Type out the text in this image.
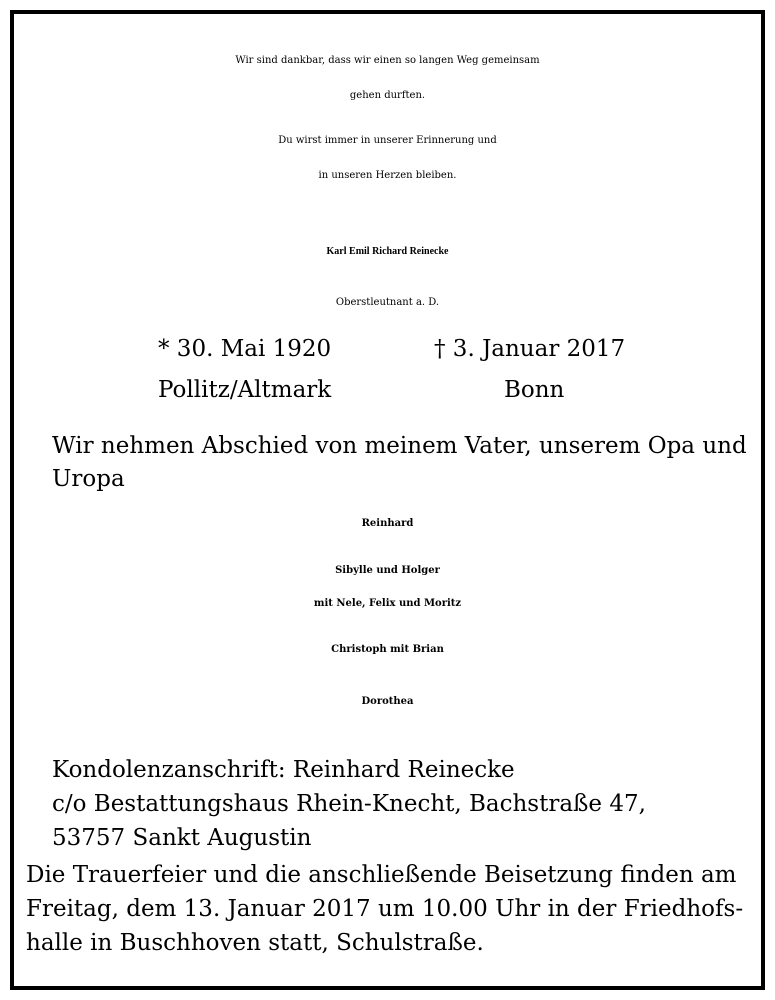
Wir sind dankbar, dass wir einen so langen Weg gemeinsam
gehen durften.
Du wirst immer in unserer Erinnerung und
in unseren Herzen bleiben.
Karl Emil Richard Reinecke
Oberstleutnant a. D.
* 30. Mai 1920	† 3. Januar 2017
Pollitz/Altmark	Bonn
Wir nehmen Abschied von meinem Vater, unserem Opa und
Uropa
Reinhard
Sibylle und Holger
mit Nele, Felix und Moritz
Christoph mit Brian
Dorothea
Kondolenzanschrift: Reinhard Reinecke
c/o Bestattungshaus Rhein-Knecht, Bachstraße 47,
53757 Sankt Augustin
Die Trauerfeier und die anschließende Beisetzung finden am
Freitag, dem 13. Januar 2017 um 10.00 Uhr in der Friedhofs-
halle in Buschhoven statt, Schulstraße.
